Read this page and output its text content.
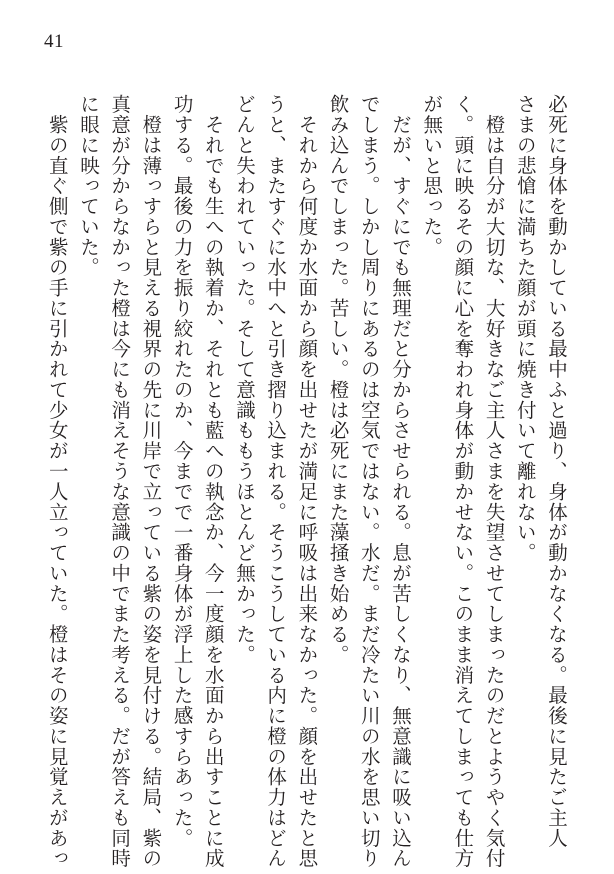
41
必死に身体を動かしている最中ふと過り、身体が動かなくなる。最後に見たご主人
さまの悲愴に満ちた顔が頭に焼き付いて離れない。
　橙は自分が大切な、大好きなご主人さまを失望させてしまったのだとようやく気付
く。頭に映るその顔に心を奪われ身体が動かせない。このまま消えてしまっても仕方
が無いと思った。
　だが、すぐにでも無理だと分からさせられる。息が苦しくなり、無意識に吸い込ん
でしまう。しかし周りにあるのは空気ではない。水だ。まだ冷たい川の水を思い切り
飲み込んでしまった。苦しい。橙は必死にまた藻掻き始める。
　それから何度か水面から顔を出せたが満足に呼吸は出来なかった。顔を出せたと思
うと、またすぐに水中へと引き摺り込まれる。そうこうしている内に橙の体力はどん
どんと失われていった。そして意識ももうほとんど無かった。
　それでも生への執着か、それとも藍への執念か、今一度顔を水面から出すことに成
功する。最後の力を振り絞れたのか、今までで一番身体が浮上した感すらあった。
　橙は薄っすらと見える視界の先に川岸で立っている紫の姿を見付ける。結局、紫の
真意が分からなかった橙は今にも消えそうな意識の中でまた考える。だが答えも同時
に眼に映っていた。
　紫の直ぐ側で紫の手に引かれて少女が一人立っていた。橙はその姿に見覚えがあっ
